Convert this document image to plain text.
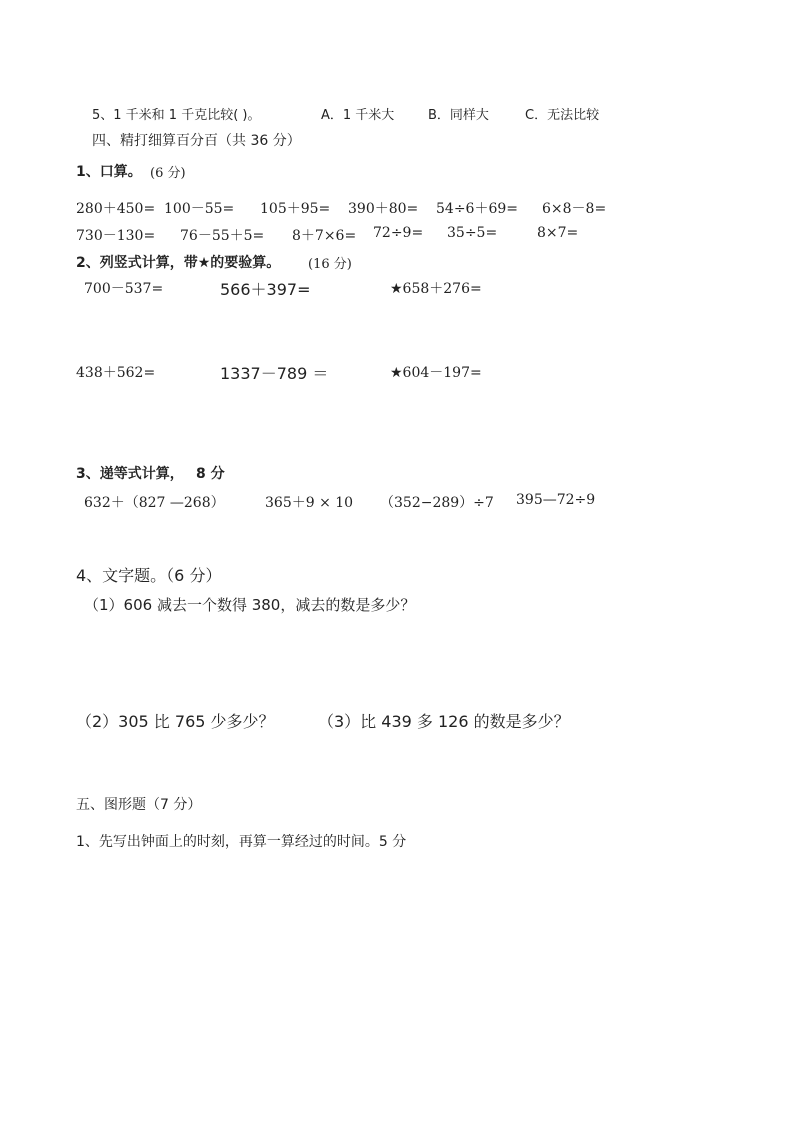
5、1 千米和 1 千克比较( )。	A．1 千米大	B．同样大	C．无法比较
四、精打细算百分百（共 36 分）
1、口算。 (6 分)
280＋450= 100－55= 105＋95= 390＋80= 54÷6＋69= 6×8－8=
730－130= 76－55＋5= 8＋7×6= 72÷9= 35÷5=	8×7=
2、列竖式计算，带★的要验算。 (16 分)
700－537=	566＋397=	★658＋276=
438＋562=	1337－789 ＝	★604－197=
3、递等式计算， 8 分
632＋（827 —268）	365＋9 × 10 （352−289）÷7 395—72÷9
4、文字题。（6 分）
（1）606 减去一个数得 380，减去的数是多少？
（2）305 比 765 少多少？	（3）比 439 多 126 的数是多少？
五、图形题（7 分）
1、先写出钟面上的时刻，再算一算经过的时间。5 分
